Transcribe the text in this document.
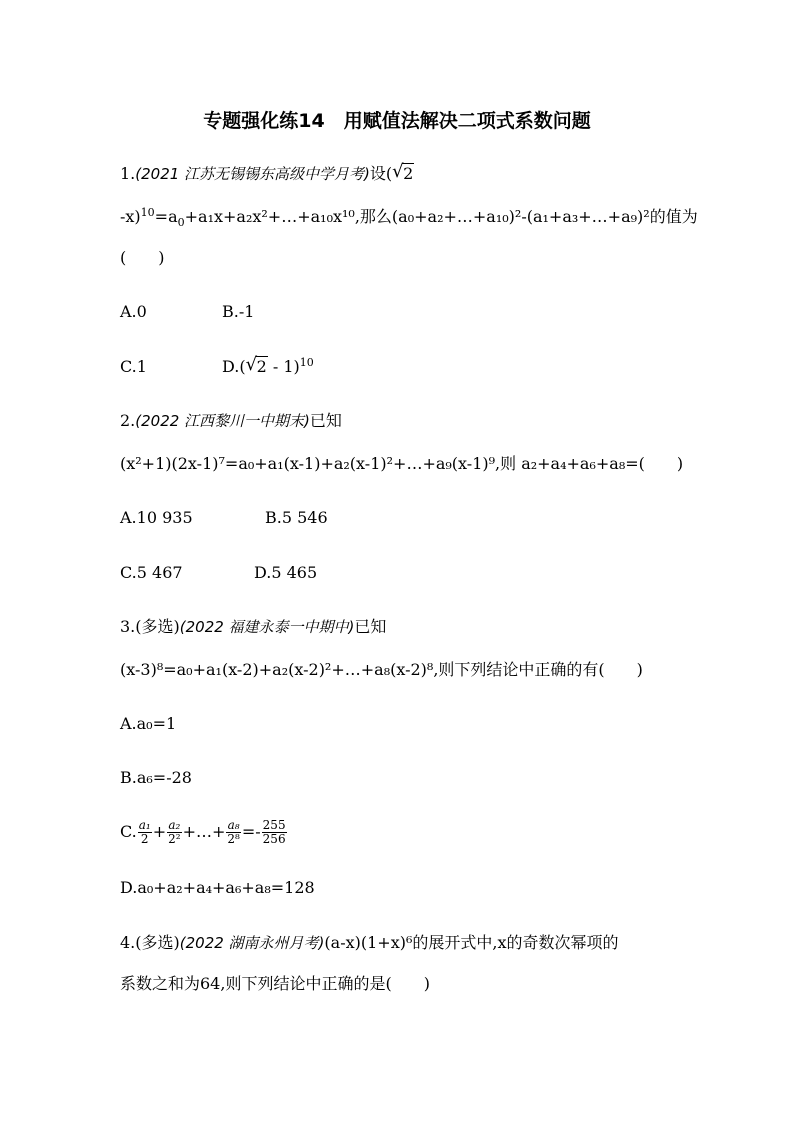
专题强化练14　用赋值法解决二项式系数问题
1.(2021 江苏无锡锡东高级中学月考)设( √ 2
$-x)^{10}=a_0+a_1x+a_2x^2+\dots+a_{10}x^{10}$,那么(a₀+a₂+…+a₁₀)²-(a₁+a₃+…+a₉)²的值为
(　　)
A.0	B.-1
C.1	D.( √ 2 - 1)$^{10}$
2.(2022 江西黎川一中期末)已知
(x²+1)(2x-1)⁷=a₀+a₁(x-1)+a₂(x-1)²+…+a₉(x-1)⁹,则 a₂+a₄+a₆+a₈=(　　)
A.10 935	B.5 546
C.5 467	D.5 465
3.(多选)(2022 福建永泰一中期中)已知
(x-3)⁸=a₀+a₁(x-2)+a₂(x-2)²+…+a₈(x-2)⁸,则下列结论中正确的有(　　)
A.a₀=1
B.a₆=-28
C. $\frac{\text{a₁}}{2} + \frac{\text{a₂}}{\text{2²}}$ +…+ $\frac{\text{a₈}}{\text{2⁸}} =- \frac{255}{256}$
D.a₀+a₂+a₄+a₆+a₈=128
4.(多选)(2022 湖南永州月考)(a-x)(1+x)⁶的展开式中,x的奇数次幂项的
系数之和为64,则下列结论中正确的是(　　)
